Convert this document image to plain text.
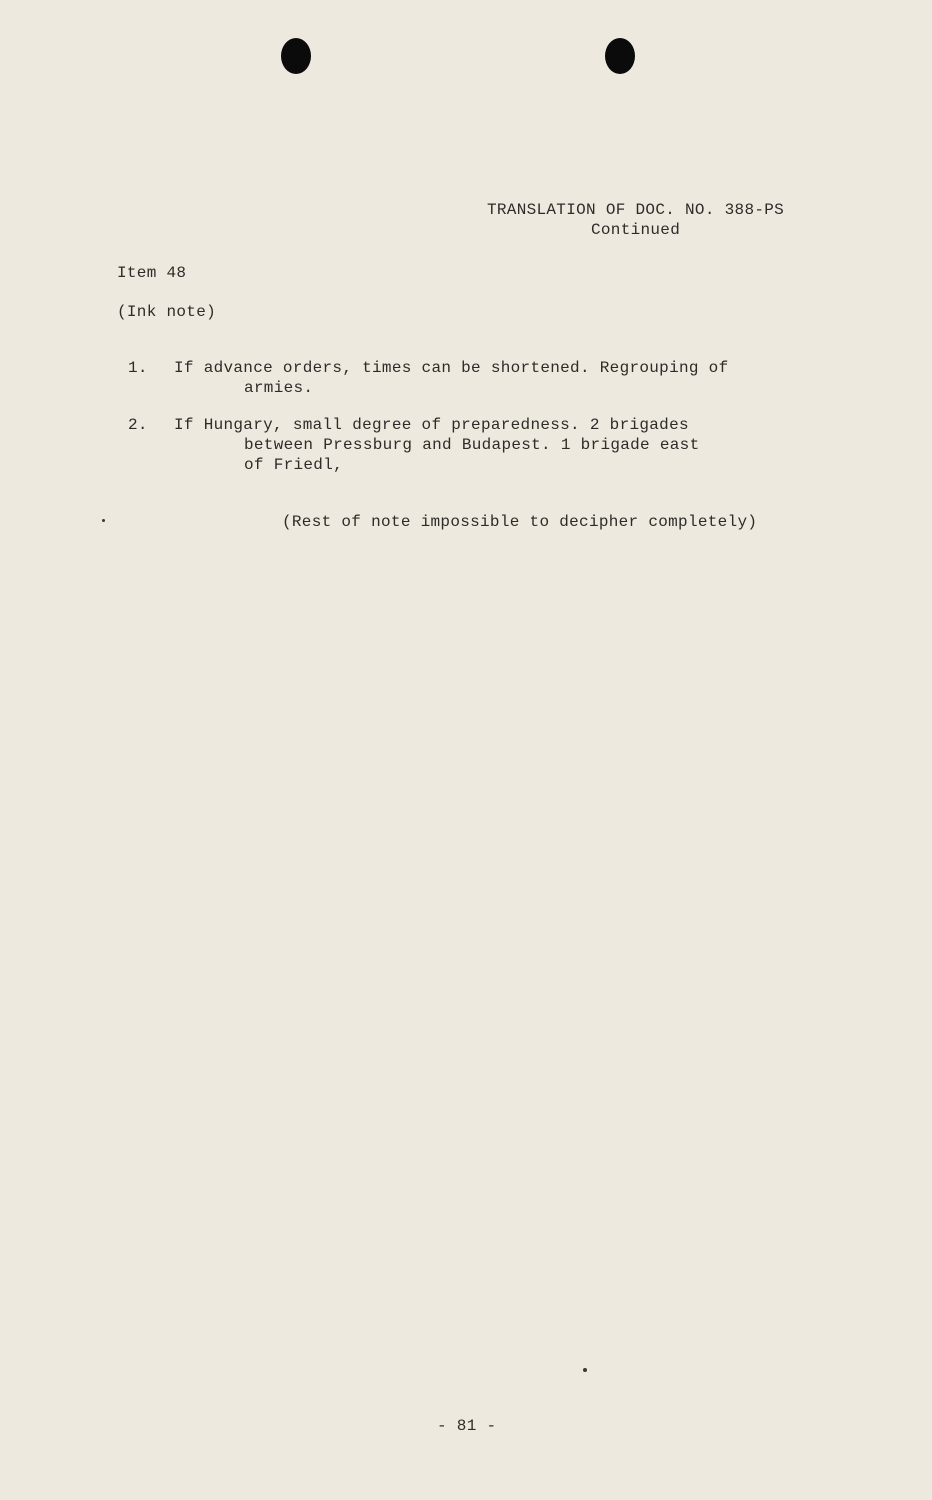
TRANSLATION OF DOC. NO. 388-PS
Continued
Item 48
(Ink note)
1. If advance orders, times can be shortened. Regrouping of
armies.
2. If Hungary, small degree of preparedness. 2 brigades
between Pressburg and Budapest. 1 brigade east
of Friedl,
(Rest of note impossible to decipher completely)
- 81 -
